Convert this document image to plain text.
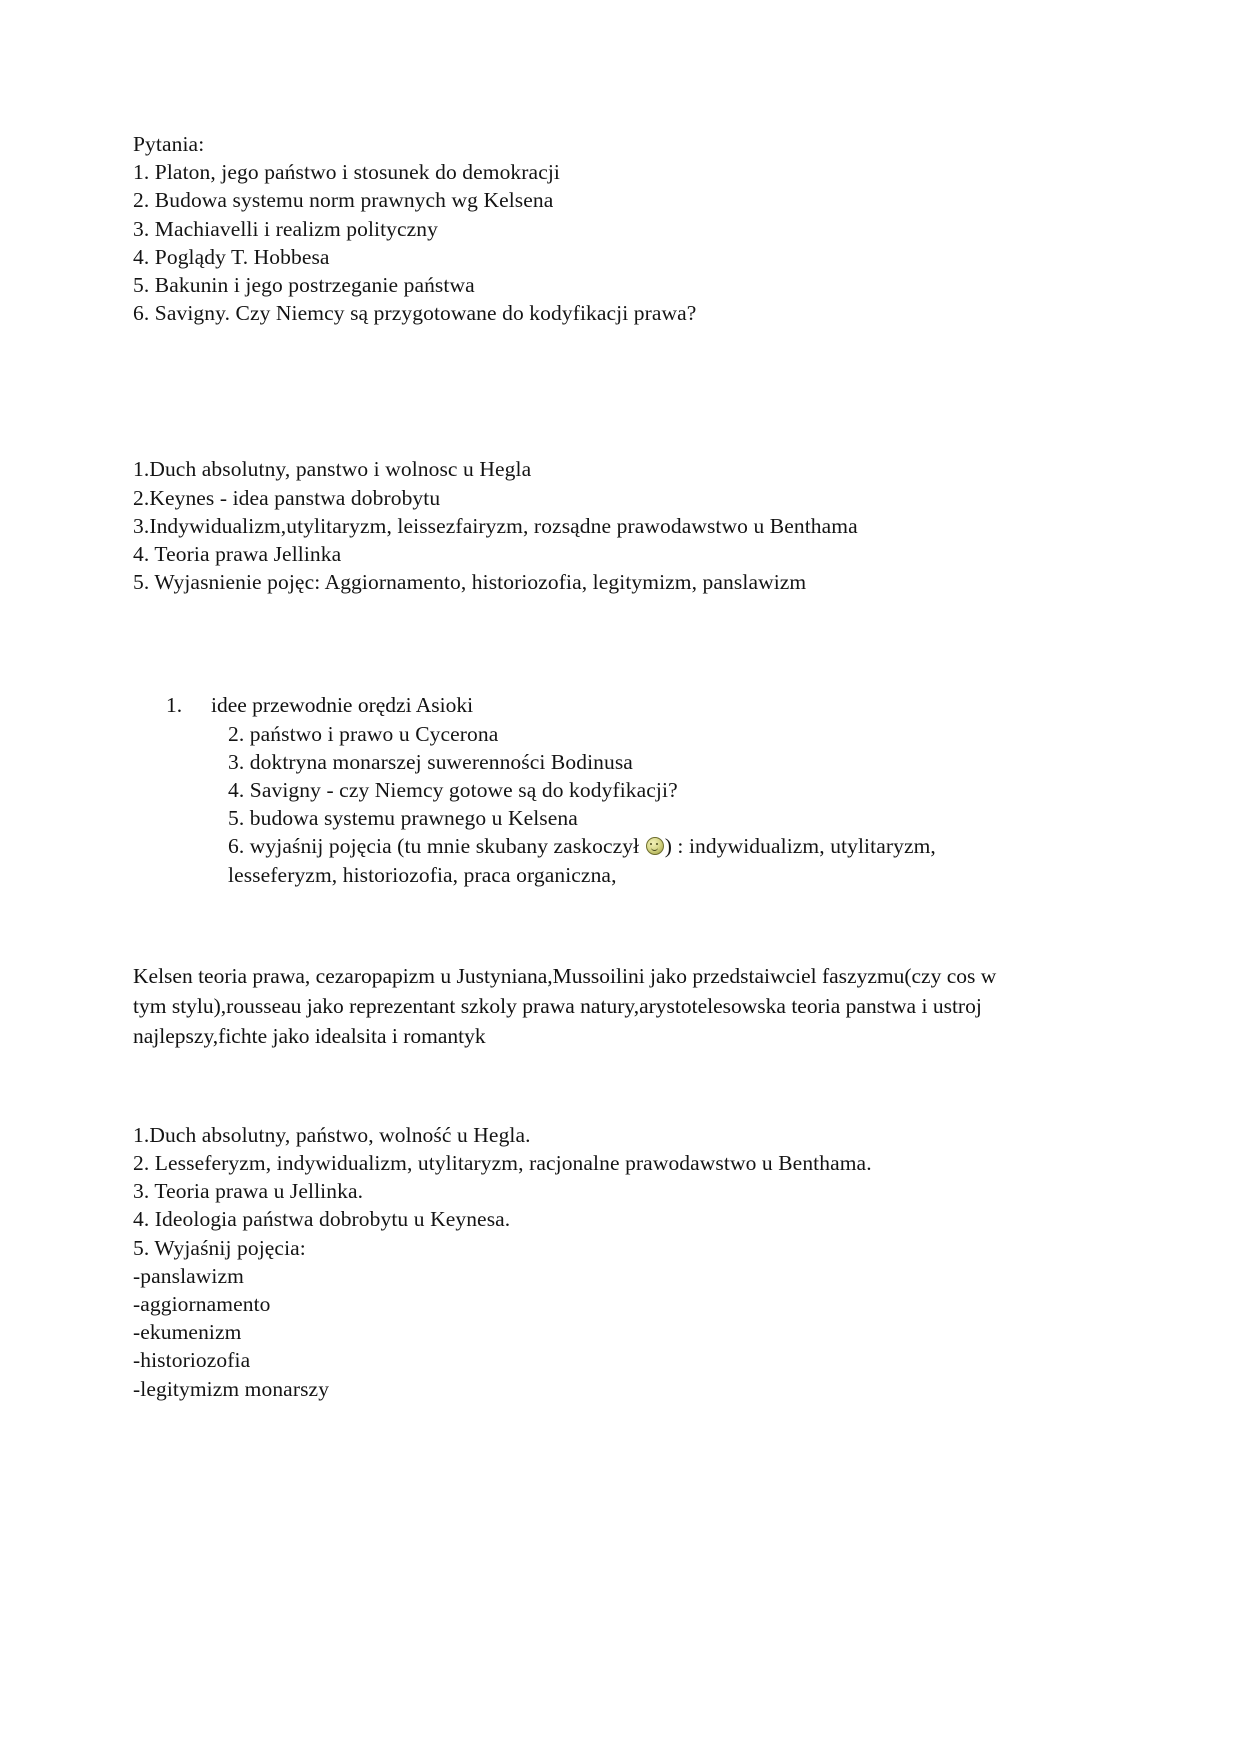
Pytania:
1. Platon, jego państwo i stosunek do demokracji
2. Budowa systemu norm prawnych wg Kelsena
3. Machiavelli i realizm polityczny
4. Poglądy T. Hobbesa
5. Bakunin i jego postrzeganie państwa
6. Savigny. Czy Niemcy są przygotowane do kodyfikacji prawa?
1.Duch absolutny, panstwo i wolnosc u Hegla
2.Keynes - idea panstwa dobrobytu
3.Indywidualizm,utylitaryzm, leissezfairyzm, rozsądne prawodawstwo u Benthama
4. Teoria prawa Jellinka
5. Wyjasnienie pojęc: Aggiornamento, historiozofia, legitymizm, panslawizm
1.	idee przewodnie orędzi Asioki
2. państwo i prawo u Cycerona
3. doktryna monarszej suwerenności Bodinusa
4. Savigny - czy Niemcy gotowe są do kodyfikacji?
5. budowa systemu prawnego u Kelsena
6. wyjaśnij pojęcia (tu mnie skubany zaskoczył ) : indywidualizm, utylitaryzm,
lesseferyzm, historiozofia, praca organiczna,
Kelsen teoria prawa, cezaropapizm u Justyniana,Mussoilini jako przedstaiwciel faszyzmu(czy cos w tym stylu),rousseau jako reprezentant szkoly prawa natury,arystotelesowska teoria panstwa i ustroj najlepszy,fichte jako idealsita i romantyk
1.Duch absolutny, państwo, wolność u Hegla.
2. Lesseferyzm, indywidualizm, utylitaryzm, racjonalne prawodawstwo u Benthama.
3. Teoria prawa u Jellinka.
4. Ideologia państwa dobrobytu u Keynesa.
5. Wyjaśnij pojęcia:
-panslawizm
-aggiornamento
-ekumenizm
-historiozofia
-legitymizm monarszy
